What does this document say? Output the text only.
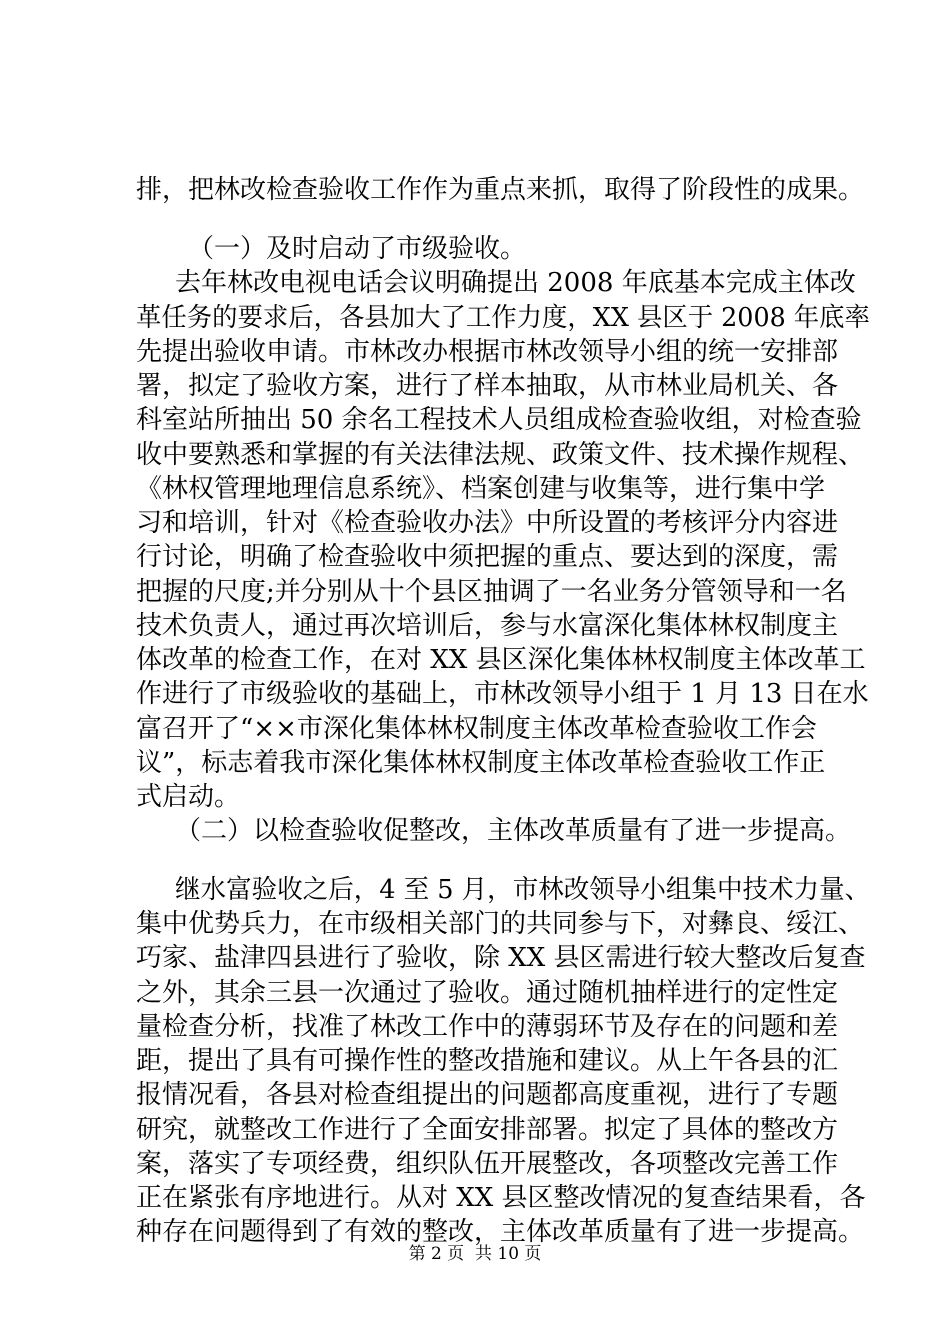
排，把林改检查验收工作作为重点来抓，取得了阶段性的成果。
（一）及时启动了市级验收。
去年林改电视电话会议明确提出 2008 年底基本完成主体改
革任务的要求后，各县加大了工作力度，XX 县区于 2008 年底率
先提出验收申请。市林改办根据市林改领导小组的统一安排部
署，拟定了验收方案，进行了样本抽取，从市林业局机关、各
科室站所抽出 50 余名工程技术人员组成检查验收组，对检查验
收中要熟悉和掌握的有关法律法规、政策文件、技术操作规程、
《林权管理地理信息系统》、档案创建与收集等，进行集中学
习和培训，针对《检查验收办法》中所设置的考核评分内容进
行讨论，明确了检查验收中须把握的重点、要达到的深度，需
把握的尺度;并分别从十个县区抽调了一名业务分管领导和一名
技术负责人，通过再次培训后，参与水富深化集体林权制度主
体改革的检查工作，在对 XX 县区深化集体林权制度主体改革工
作进行了市级验收的基础上，市林改领导小组于 1 月 13 日在水
富召开了“××市深化集体林权制度主体改革检查验收工作会
议”，标志着我市深化集体林权制度主体改革检查验收工作正
式启动。
（二）以检查验收促整改，主体改革质量有了进一步提高。
继水富验收之后，4 至 5 月，市林改领导小组集中技术力量、
集中优势兵力，在市级相关部门的共同参与下，对彝良、绥江、
巧家、盐津四县进行了验收，除 XX 县区需进行较大整改后复查
之外，其余三县一次通过了验收。通过随机抽样进行的定性定
量检查分析，找准了林改工作中的薄弱环节及存在的问题和差
距，提出了具有可操作性的整改措施和建议。从上午各县的汇
报情况看，各县对检查组提出的问题都高度重视，进行了专题
研究，就整改工作进行了全面安排部署。拟定了具体的整改方
案，落实了专项经费，组织队伍开展整改，各项整改完善工作
正在紧张有序地进行。从对 XX 县区整改情况的复查结果看，各
种存在问题得到了有效的整改，主体改革质量有了进一步提高。
第 2 页  共 10 页
